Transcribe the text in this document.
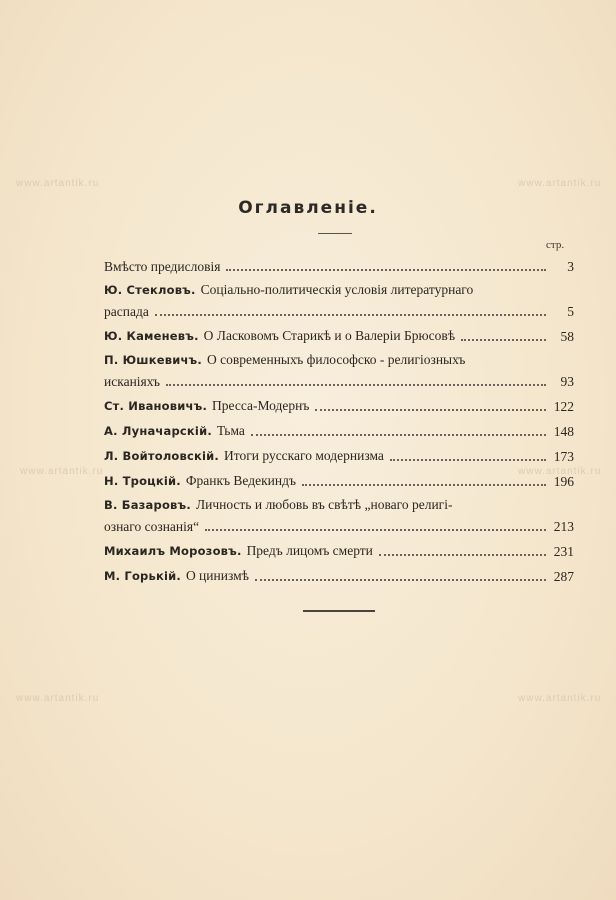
www.artantik.ru	www.artantik.ru
www.artantik.ru	www.artantik.ru
www.artantik.ru	www.artantik.ru
Оглавленіе.
стр.
Вмѣсто предисловія	3
Ю. Стекловъ. Соціально-политическія условія литературнаго
распада	5
Ю. Каменевъ. О Ласковомъ Старикѣ и о Валеріи Брюсовѣ	58
П. Юшкевичъ. О современныхъ философско - религіозныхъ
исканіяхъ	93
Ст. Ивановичъ. Пресса-Модернъ	122
А. Луначарскій. Тьма	148
Л. Войтоловскій. Итоги русскаго модернизма	173
Н. Троцкій. Франкъ Ведекиндъ	196
В. Базаровъ. Личность и любовь въ свѣтѣ „новаго религі-
ознаго сознанія“	213
Михаилъ Морозовъ. Предъ лицомъ смерти	231
М. Горькій. О цинизмѣ	287
